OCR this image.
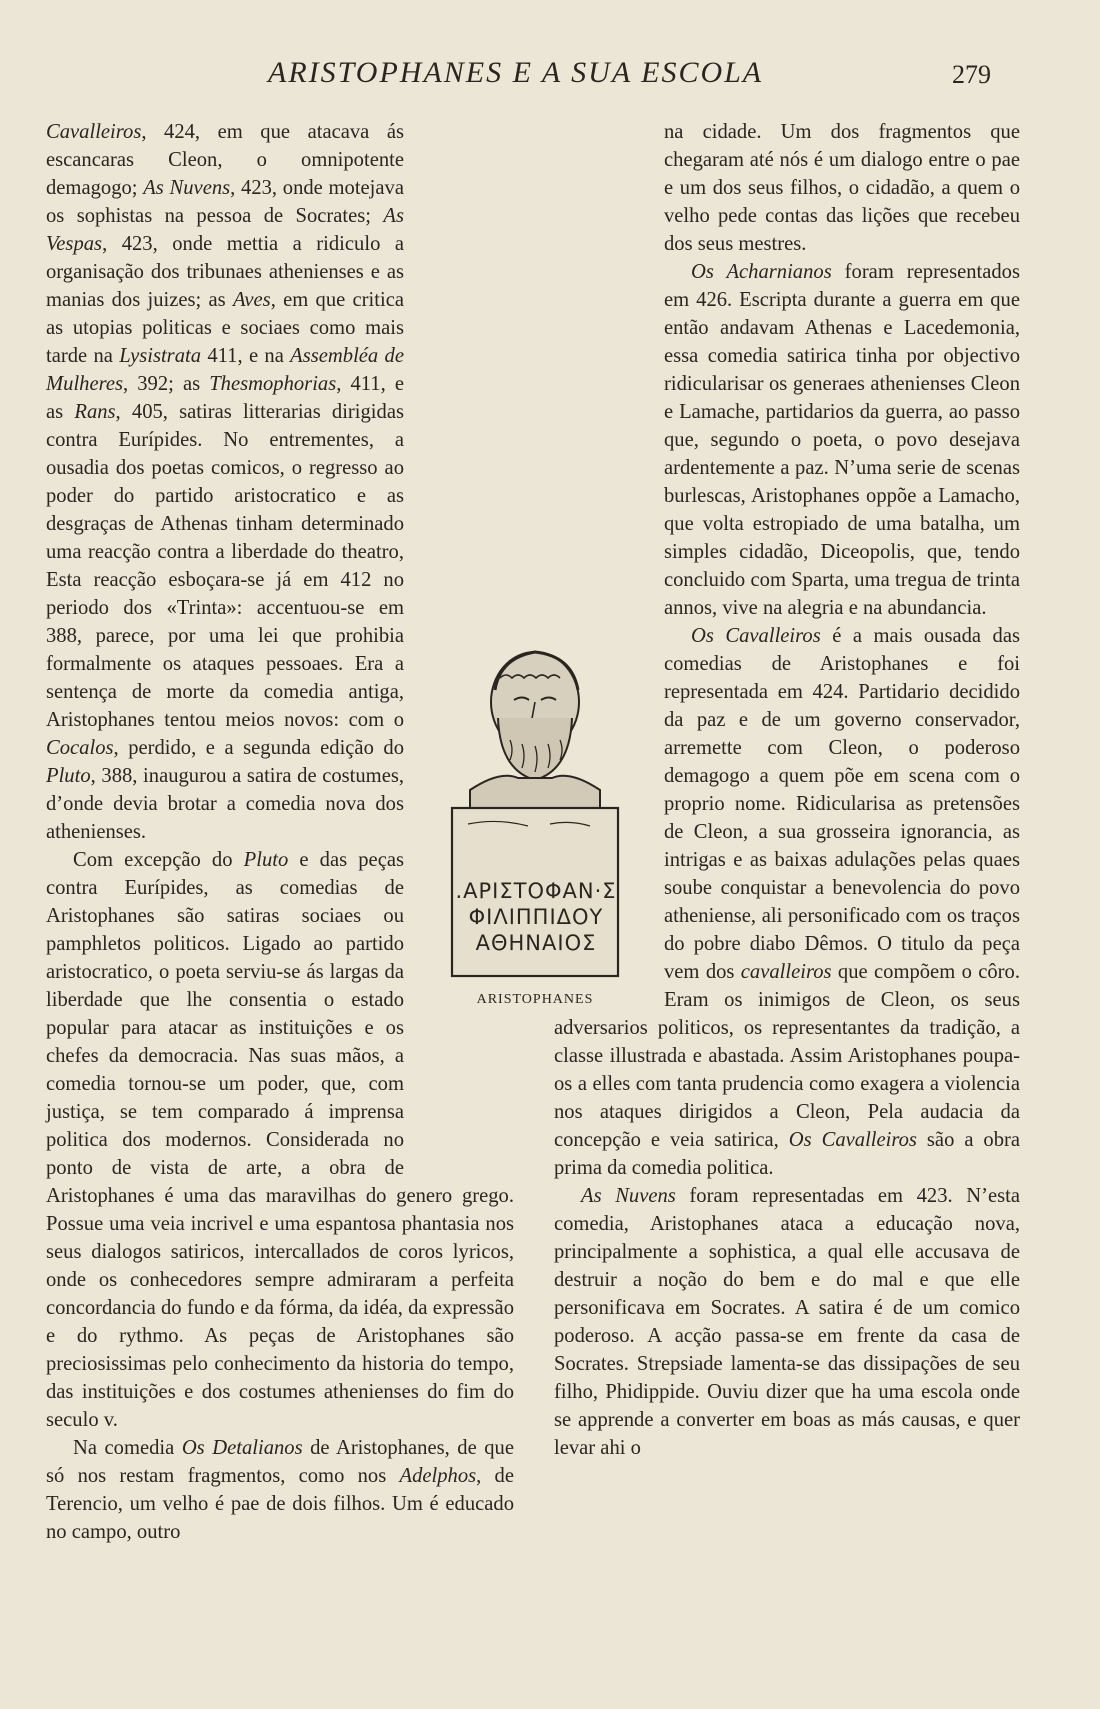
ARISTOPHANES E A SUA ESCOLA	279

Cavalleiros, 424, em que atacava ás escancaras Cleon, o omnipotente demagogo; As Nuvens, 423, onde motejava os sophistas na pessoa de Socrates; As Vespas, 423, onde mettia a ridiculo a organisação dos tribunaes athenienses e as manias dos juizes; as Aves, em que critica as utopias politicas e sociaes como mais tarde na Lysistrata 411, e na Assembléa de Mulheres, 392; as Thesmophorias, 411, e as Rans, 405, satiras litterarias dirigidas contra Eurípides. No entrementes, a ousadia dos poetas comicos, o regresso ao poder do partido aristocratico e as desgraças de Athenas tinham determinado uma reacção contra a liberdade do theatro, Esta reacção esboçara-se já em 412 no periodo dos «Trinta»: accentuou-se em 388, parece, por uma lei que prohibia formalmente os ataques pessoaes. Era a sentença de morte da comedia antiga, Aristophanes tentou meios novos: com o Cocalos, perdido, e a segunda edição do Pluto, 388, inaugurou a satira de costumes, d’onde devia brotar a comedia nova dos athenienses.

Com excepção do Pluto e das peças contra Eurípides, as comedias de Aristophanes são satiras sociaes ou pamphletos politicos. Ligado ao partido aristocratico, o poeta serviu-se ás largas da liberdade que lhe consentia o estado popular para atacar as instituições e os chefes da democracia. Nas suas mãos, a comedia tornou-se um poder, que, com justiça, se tem comparado á imprensa politica dos modernos. Considerada no ponto de vista de arte, a obra de Aristophanes é uma das maravilhas do genero grego. Possue uma veia incrivel e uma espantosa phantasia nos seus dialogos satiricos, intercallados de coros lyricos, onde os conhecedores sempre admiraram a perfeita concordancia do fundo e da fórma, da idéa, da expressão e do rythmo. As peças de Aristophanes são preciosissimas pelo conhecimento da historia do tempo, das instituições e dos costumes athenienses do fim do seculo v.

Na comedia Os Detalianos de Aristophanes, de que só nos restam fragmentos, como nos Adelphos, de Terencio, um velho é pae de dois filhos. Um é educado no campo, outro

na cidade. Um dos fragmentos que chegaram até nós é um dialogo entre o pae e um dos seus filhos, o cidadão, a quem o velho pede contas das lições que recebeu dos seus mestres.

Os Acharnianos foram representados em 426. Escripta durante a guerra em que então andavam Athenas e Lacedemonia, essa comedia satirica tinha por objectivo ridicularisar os generaes athenienses Cleon e Lamache, partidarios da guerra, ao passo que, segundo o poeta, o povo desejava ardentemente a paz. N’uma serie de scenas burlescas, Aristophanes oppõe a Lamacho, que volta estropiado de uma batalha, um simples cidadão, Diceopolis, que, tendo concluido com Sparta, uma tregua de trinta annos, vive na alegria e na abundancia.

Os Cavalleiros é a mais ousada das comedias de Aristophanes e foi representada em 424. Partidario decidido da paz e de um governo conservador, arremette com Cleon, o poderoso demagogo a quem põe em scena com o proprio nome. Ridicularisa as pretensões de Cleon, a sua grosseira ignorancia, as intrigas e as baixas adulações pelas quaes soube conquistar a benevolencia do povo atheniense, ali personificado com os traços do pobre diabo Dêmos. O titulo da peça vem dos cavalleiros que compõem o côro. Eram os inimigos de Cleon, os seus adversarios politicos, os representantes da tradição, a classe illustrada e abastada. Assim Aristophanes poupa-os a elles com tanta prudencia como exagera a violencia nos ataques dirigidos a Cleon, Pela audacia da concepção e veia satirica, Os Cavalleiros são a obra prima da comedia politica.

As Nuvens foram representadas em 423. N’esta comedia, Aristophanes ataca a educação nova, principalmente a sophistica, a qual elle accusava de destruir a noção do bem e do mal e que elle personificava em Socrates. A satira é de um comico poderoso. A acção passa-se em frente da casa de Socrates. Strepsiade lamenta-se das dissipações de seu filho, Phidippide. Ouviu dizer que ha uma escola onde se apprende a converter em boas as más causas, e quer levar ahi o

.ΑΡΙΣΤΟΦΑΝ·Σ
ΦΙΛΙΠΠΙΔΟΥ
ΑΘΗΝΑΙΟΣ
ARISTOPHANES
